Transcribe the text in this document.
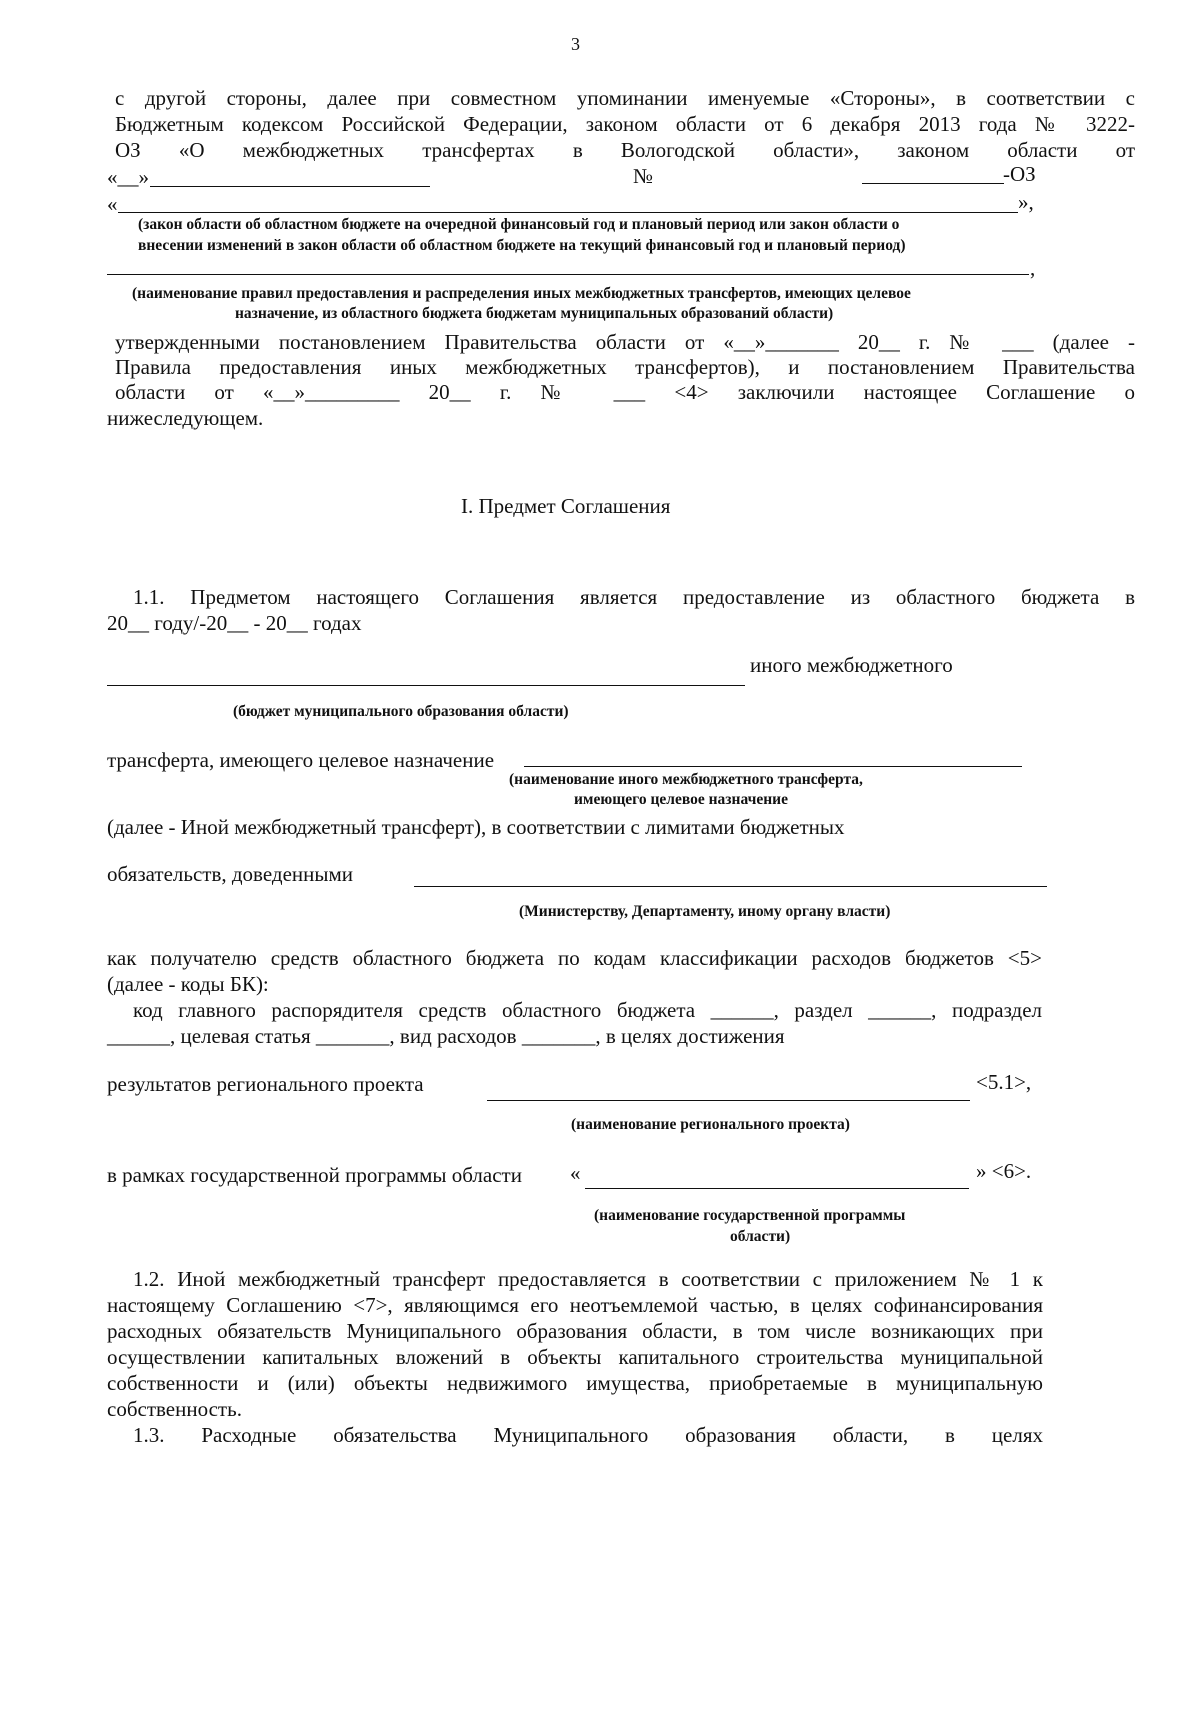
3
с другой стороны, далее при совместном упоминании именуемые «Стороны», в соответствии с
Бюджетным кодексом Российской Федерации, законом области от 6 декабря 2013 года № 3222-
ОЗ «О межбюджетных трансфертах в Вологодской области», законом области от
«__»	№	-ОЗ
«	»,
(закон области об областном бюджете на очередной финансовый год и плановый период или закон области о
внесении изменений в закон области об областном бюджете на текущий финансовый год и плановый период)
,
(наименование правил предоставления и распределения иных межбюджетных трансфертов, имеющих целевое
назначение, из областного бюджета бюджетам муниципальных образований области)
утвержденными постановлением Правительства области от «__»_______ 20__ г. № ___ (далее -
Правила предоставления иных межбюджетных трансфертов), и постановлением Правительства
области от «__»_________ 20__ г. № ___ <4> заключили настоящее Соглашение о
нижеследующем.
I. Предмет Соглашения
1.1. Предметом настоящего Соглашения является предоставление из областного бюджета в
20__ году/-20__ - 20__ годах
иного межбюджетного
(бюджет муниципального образования области)
трансферта, имеющего целевое назначение
(наименование иного межбюджетного трансферта,
имеющего целевое назначение
(далее - Иной межбюджетный трансферт), в соответствии с лимитами бюджетных
обязательств, доведенными
(Министерству, Департаменту, иному органу власти)
как получателю средств областного бюджета по кодам классификации расходов бюджетов <5>
(далее - коды БК):
код главного распорядителя средств областного бюджета ______, раздел ______, подраздел
______, целевая статья _______, вид расходов _______, в целях достижения
результатов регионального проекта	<5.1>,
(наименование регионального проекта)
в рамках государственной программы области «	» <6>.
(наименование государственной программы
области)
1.2. Иной межбюджетный трансферт предоставляется в соответствии с приложением № 1 к
настоящему Соглашению <7>, являющимся его неотъемлемой частью, в целях софинансирования
расходных обязательств Муниципального образования области, в том числе возникающих при
осуществлении капитальных вложений в объекты капитального строительства муниципальной
собственности и (или) объекты недвижимого имущества, приобретаемые в муниципальную
собственность.
1.3. Расходные обязательства Муниципального образования области, в целях
